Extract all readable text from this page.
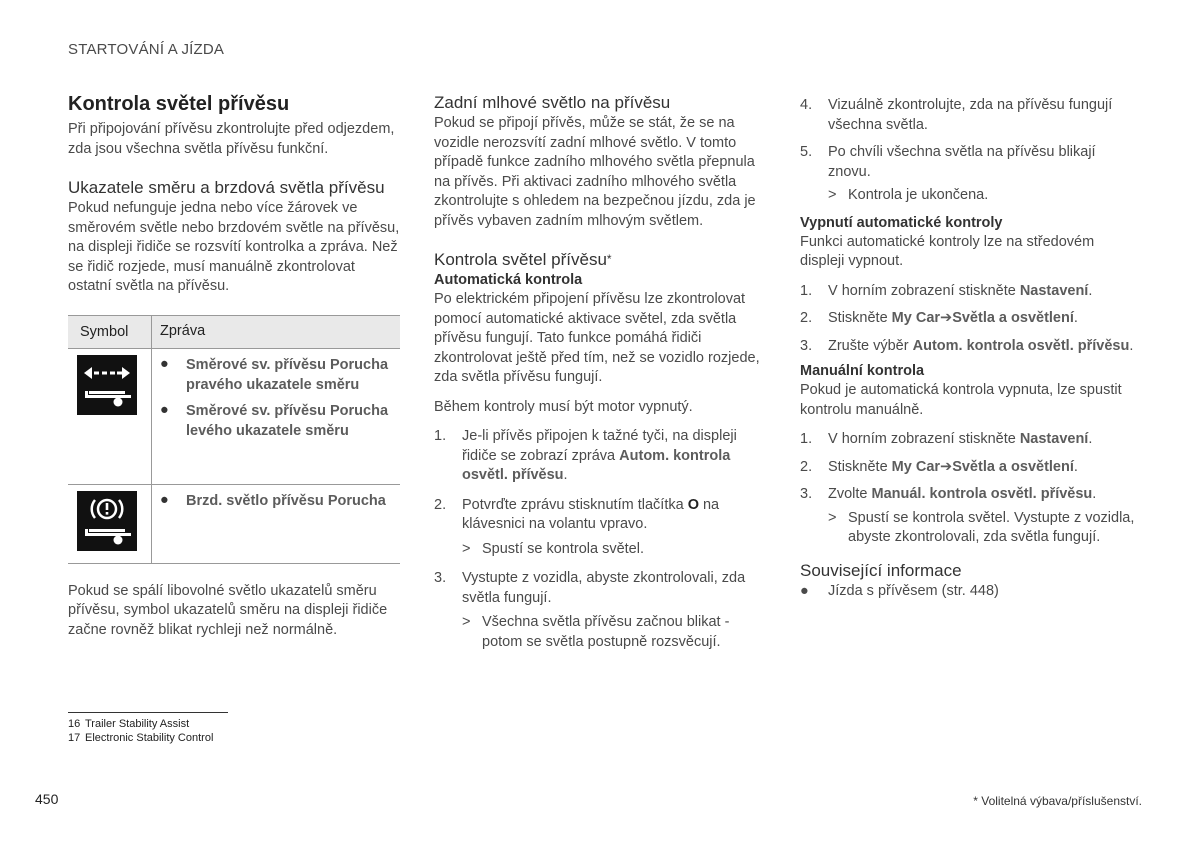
STARTOVÁNÍ A JÍZDA
Kontrola světel přívěsu

Při připojování přívěsu zkontrolujte před odjezdem, zda jsou všechna světla přívěsu funkční.

Ukazatele směru a brzdová světla přívěsu

Pokud nefunguje jedna nebo více žárovek ve směrovém světle nebo brzdovém světle na přívěsu, na displeji řidiče se rozsvítí kontrolka a zpráva. Než se řidič rozjede, musí manuálně zkontrolovat ostatní světla na přívěsu.

Symbol	Zpráva
●	Směrové sv. přívěsu Porucha pravého ukazatele směru
●	Směrové sv. přívěsu Porucha levého ukazatele směru
●	Brzd. světlo přívěsu Porucha

Pokud se spálí libovolné světlo ukazatelů směru přívěsu, symbol ukazatelů směru na displeji řidiče začne rovněž blikat rychleji než normálně.

Zadní mlhové světlo na přívěsu

Pokud se připojí přívěs, může se stát, že se na vozidle nerozsvítí zadní mlhové světlo. V tomto případě funkce zadního mlhového světla přepnula na přívěs. Při aktivaci zadního mlhového světla zkontrolujte s ohledem na bezpečnou jízdu, zda je přívěs vybaven zadním mlhovým světlem.

Kontrola světel přívěsu*
Automatická kontrola

Po elektrickém připojení přívěsu lze zkontrolovat pomocí automatické aktivace světel, zda světla přívěsu fungují. Tato funkce pomáhá řidiči zkontrolovat ještě před tím, než se vozidlo rozjede, zda světla přívěsu fungují.

Během kontroly musí být motor vypnutý.

1.	Je-li přívěs připojen k tažné tyči, na displeji řidiče se zobrazí zpráva Autom. kontrola osvětl. přívěsu.
2.	Potvrďte zprávu stisknutím tlačítka O na klávesnici na volantu vpravo.
> Spustí se kontrola světel.
3.	Vystupte z vozidla, abyste zkontrolovali, zda světla fungují.
> Všechna světla přívěsu začnou blikat - potom se světla postupně rozsvěcují.
4.	Vizuálně zkontrolujte, zda na přívěsu fungují všechna světla.
5.	Po chvíli všechna světla na přívěsu blikají znovu.
> Kontrola je ukončena.
Vypnutí automatické kontroly

Funkci automatické kontroly lze na středovém displeji vypnout.

1.	V horním zobrazení stiskněte Nastavení.
2.	Stiskněte My Car➔Světla a osvětlení.
3.	Zrušte výběr Autom. kontrola osvětl. přívěsu.
Manuální kontrola

Pokud je automatická kontrola vypnuta, lze spustit kontrolu manuálně.

1.	V horním zobrazení stiskněte Nastavení.
2.	Stiskněte My Car➔Světla a osvětlení.
3.	Zvolte Manuál. kontrola osvětl. přívěsu.
> Spustí se kontrola světel. Vystupte z vozidla, abyste zkontrolovali, zda světla fungují.
Související informace
●	Jízda s přívěsem (str. 448)
16 Trailer Stability Assist
17 Electronic Stability Control
450	* Volitelná výbava/příslušenství.
